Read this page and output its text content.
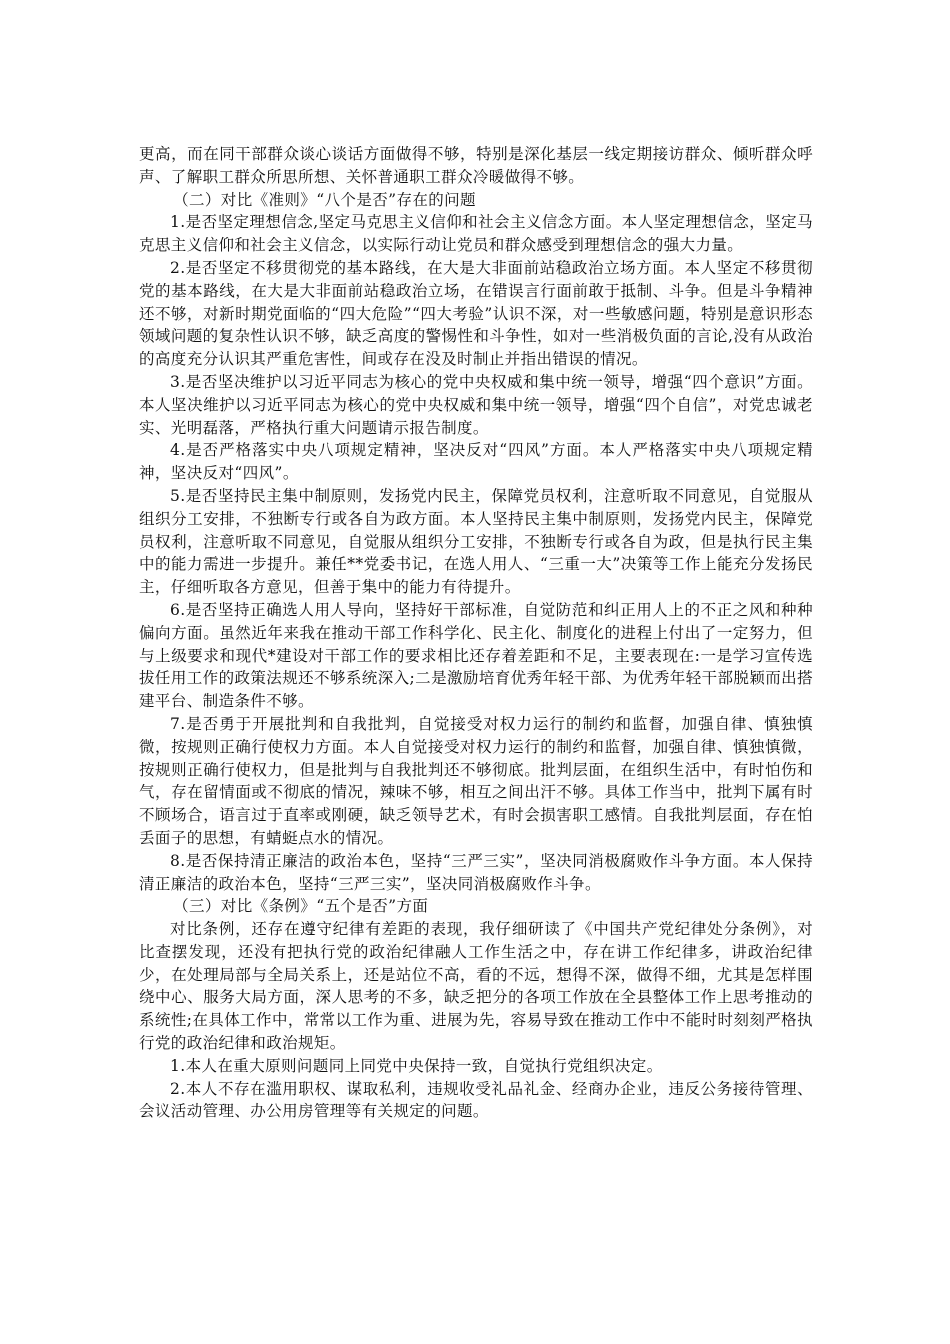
更高，而在同干部群众谈心谈话方面做得不够，特别是深化基层一线定期接访群众、倾听群众呼声、了解职工群众所思所想、关怀普通职工群众冷暖做得不够。

（二）对比《准则》“八个是否”存在的问题

1.是否坚定理想信念,坚定马克思主义信仰和社会主义信念方面。本人坚定理想信念，坚定马克思主义信仰和社会主义信念，以实际行动让党员和群众感受到理想信念的强大力量。

2.是否坚定不移贯彻党的基本路线，在大是大非面前站稳政治立场方面。本人坚定不移贯彻党的基本路线，在大是大非面前站稳政治立场，在错误言行面前敢于抵制、斗争。但是斗争精神还不够，对新时期党面临的“四大危险”“四大考验”认识不深，对一些敏感问题，特别是意识形态领域问题的复杂性认识不够，缺乏高度的警惕性和斗争性，如对一些消极负面的言论,没有从政治的高度充分认识其严重危害性，间或存在没及时制止并指出错误的情况。

3.是否坚决维护以习近平同志为核心的党中央权威和集中统一领导，增强“四个意识”方面。本人坚决维护以习近平同志为核心的党中央权威和集中统一领导，增强“四个自信”，对党忠诚老实、光明磊落，严格执行重大问题请示报告制度。

4.是否严格落实中央八项规定精神，坚决反对“四风”方面。本人严格落实中央八项规定精神，坚决反对“四风”。

5.是否坚持民主集中制原则，发扬党内民主，保障党员权利，注意听取不同意见，自觉服从组织分工安排，不独断专行或各自为政方面。本人坚持民主集中制原则，发扬党内民主，保障党员权利，注意听取不同意见，自觉服从组织分工安排，不独断专行或各自为政，但是执行民主集中的能力需进一步提升。兼任**党委书记，在选人用人、“三重一大”决策等工作上能充分发扬民主，仔细听取各方意见，但善于集中的能力有待提升。

6.是否坚持正确选人用人导向，坚持好干部标准，自觉防范和纠正用人上的不正之风和种种偏向方面。虽然近年来我在推动干部工作科学化、民主化、制度化的进程上付出了一定努力，但与上级要求和现代*建设对干部工作的要求相比还存着差距和不足，主要表现在:一是学习宣传选拔任用工作的政策法规还不够系统深入;二是激励培育优秀年轻干部、为优秀年轻干部脱颖而出搭建平台、制造条件不够。

7.是否勇于开展批判和自我批判，自觉接受对权力运行的制约和监督，加强自律、慎独慎微，按规则正确行使权力方面。本人自觉接受对权力运行的制约和监督，加强自律、慎独慎微，按规则正确行使权力，但是批判与自我批判还不够彻底。批判层面，在组织生活中，有时怕伤和气，存在留情面或不彻底的情况，辣味不够，相互之间出汗不够。具体工作当中，批判下属有时不顾场合，语言过于直率或刚硬，缺乏领导艺术，有时会损害职工感情。自我批判层面，存在怕丢面子的思想，有蜻蜓点水的情况。

8.是否保持清正廉洁的政治本色，坚持“三严三实”，坚决同消极腐败作斗争方面。本人保持清正廉洁的政治本色，坚持“三严三实”，坚决同消极腐败作斗争。

（三）对比《条例》“五个是否”方面

对比条例，还存在遵守纪律有差距的表现，我仔细研读了《中国共产党纪律处分条例》，对比查摆发现，还没有把执行党的政治纪律融人工作生活之中，存在讲工作纪律多，讲政治纪律少，在处理局部与全局关系上，还是站位不高，看的不远，想得不深，做得不细，尤其是怎样围绕中心、服务大局方面，深人思考的不多，缺乏把分的各项工作放在全县整体工作上思考推动的系统性;在具体工作中，常常以工作为重、进展为先，容易导致在推动工作中不能时时刻刻严格执行党的政治纪律和政治规矩。

1.本人在重大原则问题同上同党中央保持一致，自觉执行党组织决定。

2.本人不存在滥用职权、谋取私利，违规收受礼品礼金、经商办企业，违反公务接待管理、会议活动管理、办公用房管理等有关规定的问题。
